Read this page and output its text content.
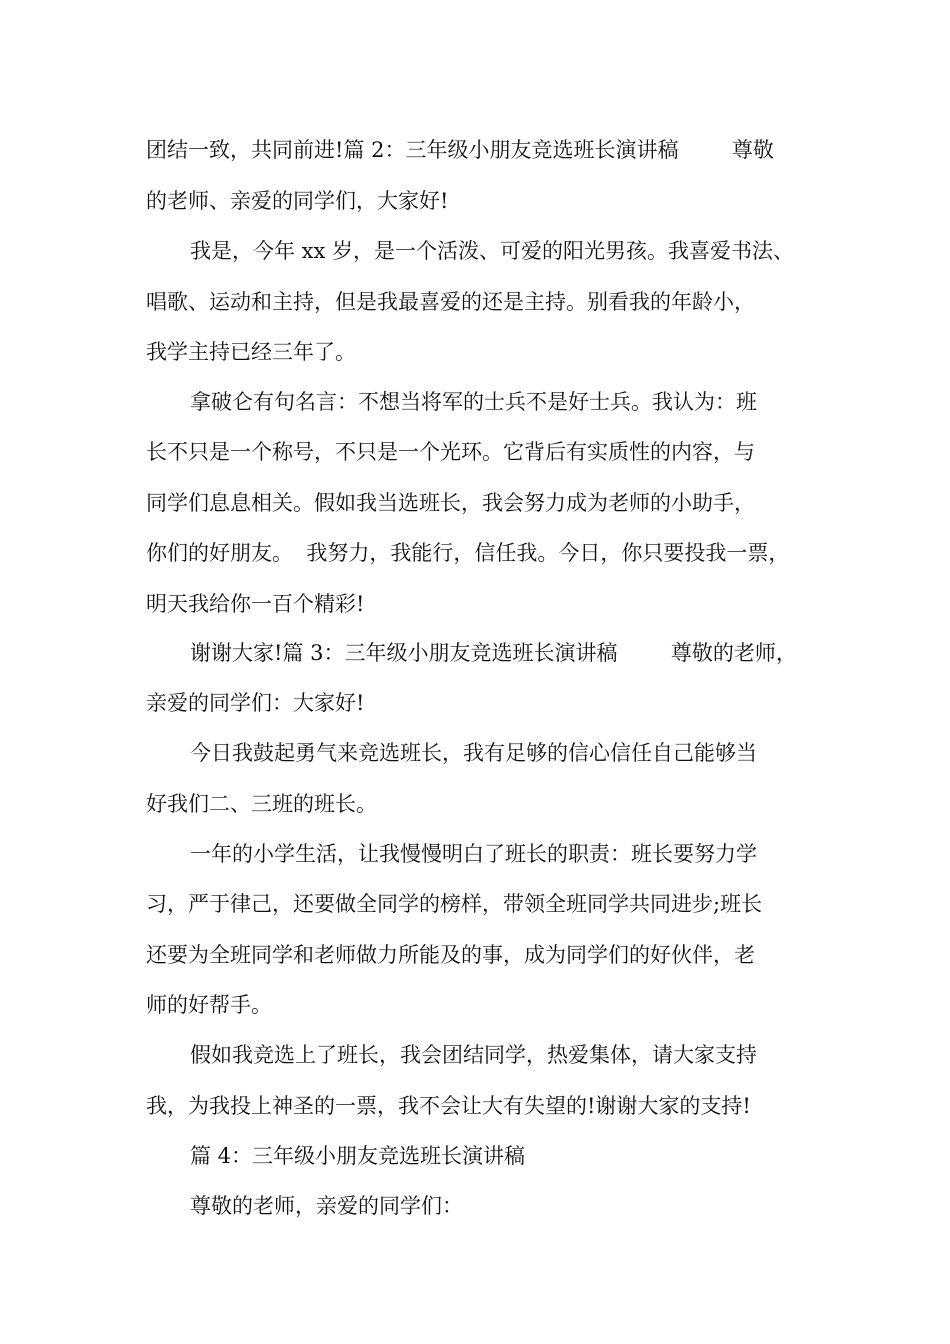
团结一致，共同前进!篇 2：三年级小朋友竞选班长演讲稿        尊敬
的老师、亲爱的同学们，大家好!
我是，今年 xx 岁，是一个活泼、可爱的阳光男孩。我喜爱书法、
唱歌、运动和主持，但是我最喜爱的还是主持。别看我的年龄小，
我学主持已经三年了。
拿破仑有句名言：不想当将军的士兵不是好士兵。我认为：班
长不只是一个称号，不只是一个光环。它背后有实质性的内容，与
同学们息息相关。假如我当选班长，我会努力成为老师的小助手，
你们的好朋友。  我努力，我能行，信任我。今日，你只要投我一票，
明天我给你一百个精彩!
谢谢大家!篇 3：三年级小朋友竞选班长演讲稿        尊敬的老师，
亲爱的同学们：大家好!
今日我鼓起勇气来竞选班长，我有足够的信心信任自己能够当
好我们二、三班的班长。
一年的小学生活，让我慢慢明白了班长的职责：班长要努力学
习，严于律己，还要做全同学的榜样，带领全班同学共同进步;班长
还要为全班同学和老师做力所能及的事，成为同学们的好伙伴，老
师的好帮手。
假如我竞选上了班长，我会团结同学，热爱集体，请大家支持
我，为我投上神圣的一票，我不会让大有失望的!谢谢大家的支持!
篇 4：三年级小朋友竞选班长演讲稿
尊敬的老师，亲爱的同学们：
